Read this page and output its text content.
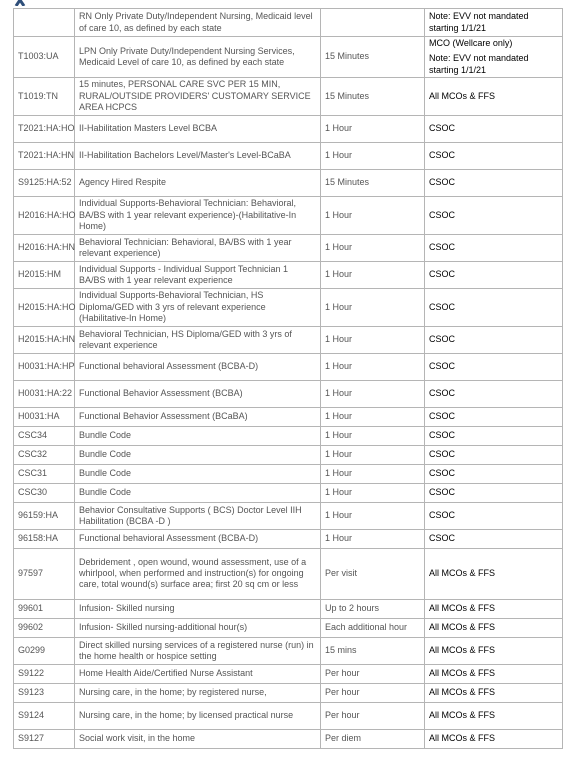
	RN Only Private Duty/Independent Nursing, Medicaid level of care 10, as defined by each state		Note: EVV not mandated starting 1/1/21

T1003:UA	LPN Only Private Duty/Independent Nursing Services, Medicaid Level of care 10, as defined by each state	15 Minutes	MCO (Wellcare only)
Note: EVV not mandated starting 1/1/21

T1019:TN	15 minutes, PERSONAL CARE SVC PER 15 MIN, RURAL/OUTSIDE PROVIDERS' CUSTOMARY SERVICE AREA HCPCS	15 Minutes	All MCOs & FFS

T2021:HA:HO	II-Habilitation Masters Level BCBA	1 Hour	CSOC

T2021:HA:HN	II-Habilitation Bachelors Level/Master's Level-BCaBA	1 Hour	CSOC

S9125:HA:52	Agency Hired Respite	15 Minutes	CSOC

H2016:HA:HO	Individual Supports-Behavioral Technician: Behavioral, BA/BS with 1 year relevant experience)-(Habilitative-In Home)	1 Hour	CSOC

H2016:HA:HN	Behavioral Technician: Behavioral, BA/BS with 1 year relevant experience)	1 Hour	CSOC

H2015:HM	Individual Supports - Individual Support Technician 1 BA/BS with 1 year relevant experience	1 Hour	CSOC

H2015:HA:HO	Individual Supports-Behavioral Technician, HS Diploma/GED with 3 yrs of relevant experience (Habilitative-In Home)	1 Hour	CSOC

H2015:HA:HN	Behavioral Technician, HS Diploma/GED with 3 yrs of relevant experience	1 Hour	CSOC

H0031:HA:HP	Functional behavioral Assessment (BCBA-D)	1 Hour	CSOC

H0031:HA:22	Functional Behavior Assessment (BCBA)	1 Hour	CSOC

H0031:HA	Functional Behavior Assessment (BCaBA)	1 Hour	CSOC

CSC34	Bundle Code	1 Hour	CSOC

CSC32	Bundle Code	1 Hour	CSOC

CSC31	Bundle Code	1 Hour	CSOC

CSC30	Bundle Code	1 Hour	CSOC

96159:HA	Behavior Consultative Supports ( BCS) Doctor Level IIH Habilitation (BCBA -D )	1 Hour	CSOC

96158:HA	Functional behavioral Assessment (BCBA-D)	1 Hour	CSOC

97597	Debridement , open wound, wound assessment, use of a whirlpool, when performed and instruction(s) for ongoing care, total wound(s) surface area; first 20 sq cm or less	Per visit	All MCOs & FFS

99601	Infusion- Skilled nursing	Up to 2 hours	All MCOs & FFS

99602	Infusion- Skilled nursing-additional hour(s)	Each additional hour	All MCOs & FFS

G0299	Direct skilled nursing services of a registered nurse (run) in the home health or hospice setting	15 mins	All MCOs & FFS

S9122	Home Health Aide/Certified Nurse Assistant	Per hour	All MCOs & FFS

S9123	Nursing care, in the home; by registered nurse,	Per hour	All MCOs & FFS

S9124	Nursing care, in the home; by licensed practical nurse	Per hour	All MCOs & FFS

S9127	Social work visit, in the home	Per diem	All MCOs & FFS
